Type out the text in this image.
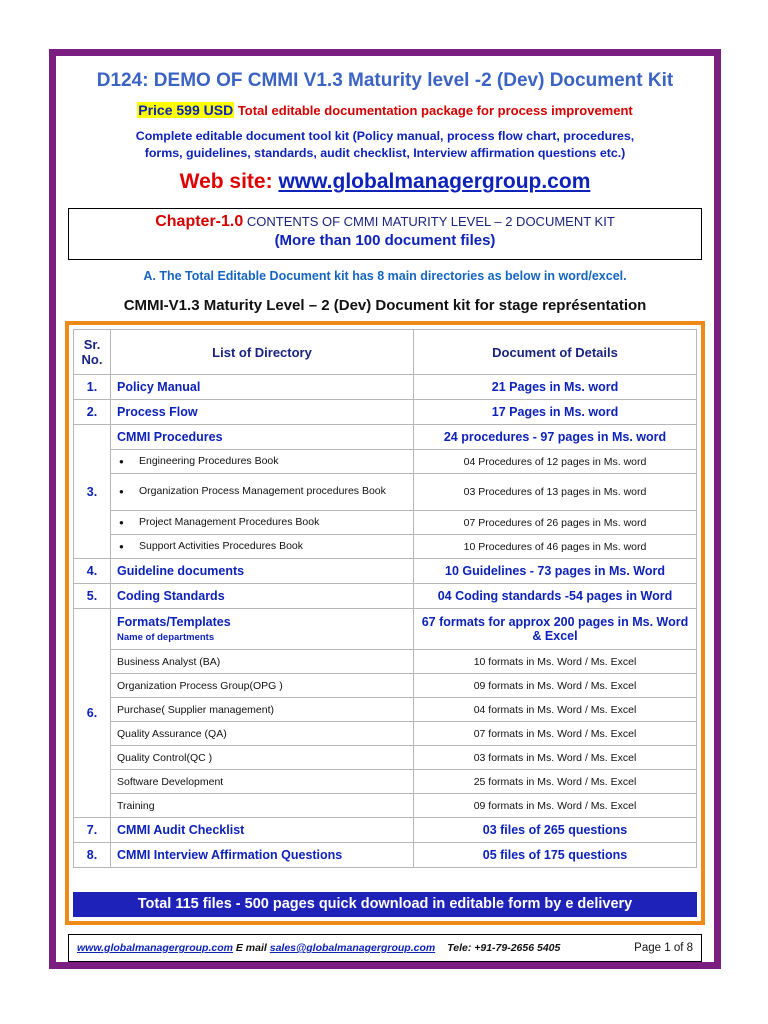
D124: DEMO OF CMMI V1.3 Maturity level -2 (Dev) Document Kit
Price 599 USD Total editable documentation package for process improvement
Complete editable document tool kit (Policy manual, process flow chart, procedures,
forms, guidelines, standards, audit checklist, Interview affirmation questions etc.)
Web site: www.globalmanagergroup.com
Chapter-1.0 CONTENTS OF CMMI MATURITY LEVEL – 2 DOCUMENT KIT
(More than 100 document files)
A. The Total Editable Document kit has 8 main directories as below in word/excel.
CMMI-V1.3 Maturity Level – 2 (Dev) Document kit for stage représentation
Sr. No.	List of Directory	Document of Details
1.	Policy Manual	21 Pages in Ms. word
2.	Process Flow	17 Pages in Ms. word
3.	CMMI Procedures	24 procedures - 97 pages in Ms. word

	● Engineering Procedures Book	04 Procedures of 12 pages in Ms. word

	● Organization Process Management procedures Book	03 Procedures of 13 pages in Ms. word

	● Project Management Procedures Book	07 Procedures of 26 pages in Ms. word

	● Support Activities Procedures Book	10 Procedures of 46 pages in Ms. word
4.	Guideline documents	10 Guidelines - 73 pages in Ms. Word
5.	Coding Standards	04 Coding standards -54 pages in Word
6.	Formats/Templates
Name of departments	67 formats for approx 200 pages in Ms. Word & Excel
	Business Analyst (BA)	10 formats in Ms. Word / Ms. Excel
	Organization Process Group(OPG )	09 formats in Ms. Word / Ms. Excel
	Purchase( Supplier management)	04 formats in Ms. Word / Ms. Excel
	Quality Assurance (QA)	07 formats in Ms. Word / Ms. Excel
	Quality Control(QC )	03 formats in Ms. Word / Ms. Excel
	Software Development	25 formats in Ms. Word / Ms. Excel
	Training	09 formats in Ms. Word / Ms. Excel
7.	CMMI Audit Checklist	03 files of 265 questions
8.	CMMI Interview Affirmation Questions	05 files of 175 questions
Total 115 files - 500 pages quick download in editable form by e delivery
www.globalmanagergroup.com
E mail
sales@globalmanagergroup.com Tele: +91-79-2656 5405	Page 1 of 8
